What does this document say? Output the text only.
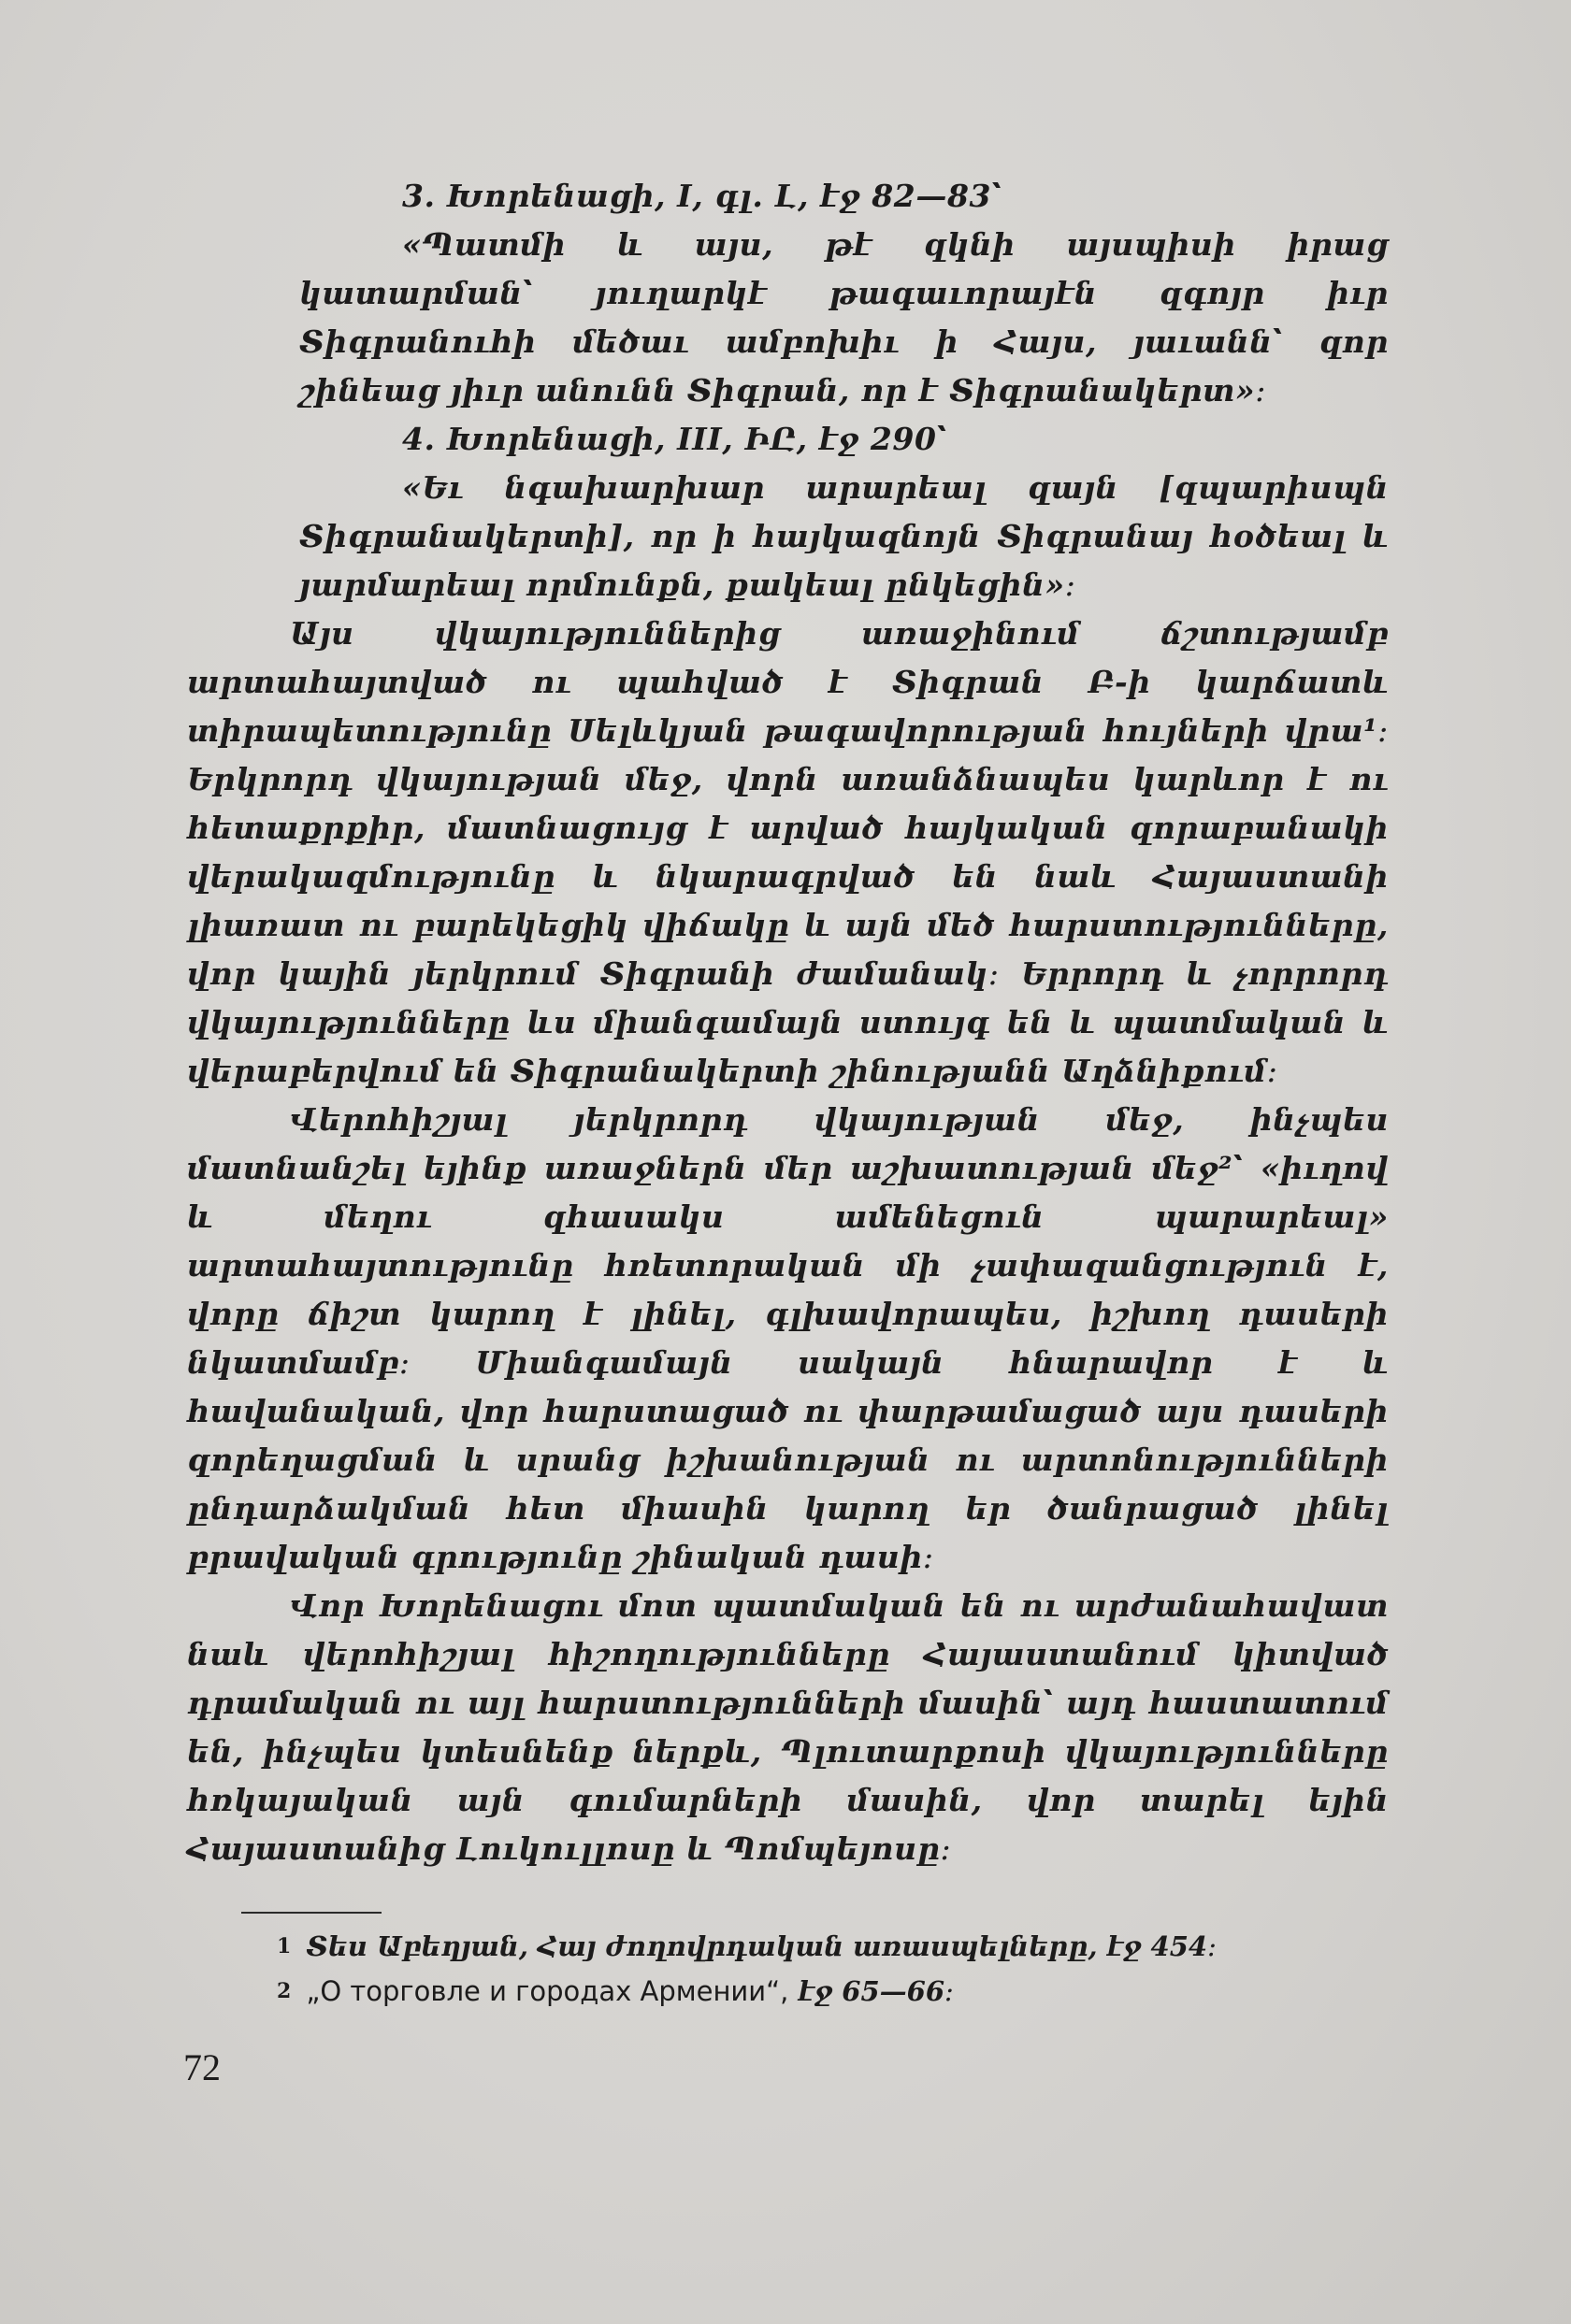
3. Խորենացի, I, գլ. Լ, էջ 82—83՝

«Պատմի և այս, թէ զկնի այսպիսի իրաց կատարման՝ յուղարկէ թագաւորայէն զգոյր իւր Տիգրանուհի մեծաւ ամբոխիւ ի Հայս, յաւանն՝ զոր շինեաց յիւր անունն Տիգրան, որ է Տիգրանակերտ»։

4. Խորենացի, III, ԻԸ, էջ 290՝

«Եւ նգախարխար արարեալ զայն [զպարիսպն Տիգրանակերտի], որ ի հայկազնոյն Տիգրանայ հօծեալ և յարմարեալ որմունքն, քակեալ ընկեցին»։

Այս վկայություններից առաջինում ճշտությամբ արտահայտված ու պահված է Տիգրան Բ-ի կարճատև տիրապետությունը Սելևկյան թագավորության հույների վրա¹։ Երկրորդ վկայության մեջ, վորն առանձնապես կարևոր է ու հետաքրքիր, մատնացույց է արված հայկական զորաբանակի վերակազմությունը և նկարագրված են նաև Հայաստանի լիառատ ու բարեկեցիկ վիճակը և այն մեծ հարստությունները, վոր կային յերկրում Տիգրանի ժամանակ։ Երրորդ և չորրորդ վկայությունները ևս միանգամայն ստույգ են և պատմական և վերաբերվում են Տիգրանակերտի շինությանն Աղձնիքում։

Վերոհիշյալ յերկրորդ վկայության մեջ, ինչպես մատնանշել եյինք առաջներն մեր աշխատության մեջ²՝ «իւղով և մեղու զհասակս ամենեցուն պարարեալ» արտահայտությունը հռետորական մի չափազանցություն է, վորը ճիշտ կարող է լինել, գլխավորապես, իշխող դասերի նկատմամբ։ Միանգամայն սակայն հնարավոր է և հավանական, վոր հարստացած ու փարթամացած այս դասերի զորեղացման և սրանց իշխանության ու արտոնությունների ընդարձակման հետ միասին կարող եր ծանրացած լինել բրավական գրությունը շինական դասի։

Վոր Խորենացու մոտ պատմական են ու արժանահավատ նաև վերոհիշյալ հիշողությունները Հայաստանում կիտված դրամական ու այլ հարստությունների մասին՝ այդ հաստատում են, ինչպես կտեսնենք ներքև, Պլուտարքոսի վկայությունները հռկայական այն գումարների մասին, վոր տարել եյին Հայաստանից Լուկուլլոսը և Պոմպեյոսը։

$^1$ Տես Աբեղյան, Հայ ժողովրդական առասպելները, էջ 454։

$^2$ „О торговле и городах Армении“, էջ 65—66։

72
